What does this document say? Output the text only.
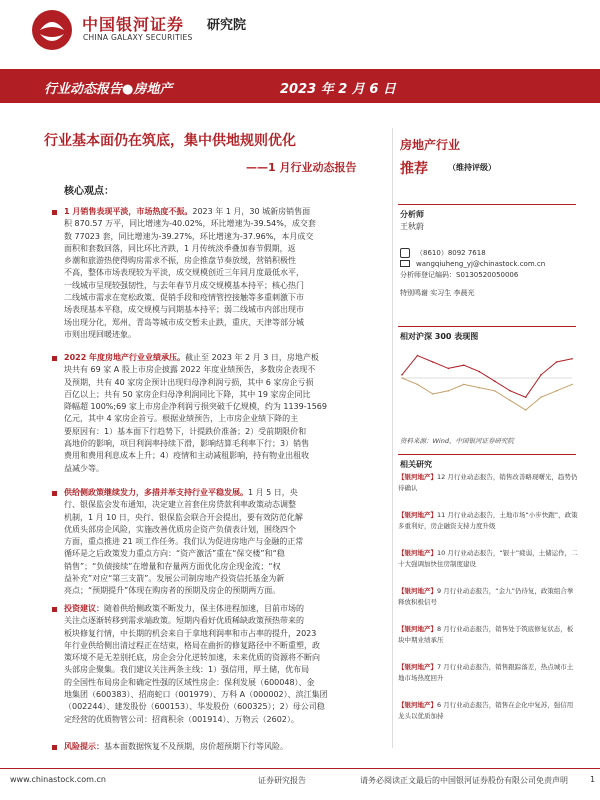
中国银河证券
CHINA GALAXY SECURITIES
研究院
行业动态报告●房地产	2023 年 2 月 6 日
行业基本面仍在筑底，集中供地规则优化
——1 月行业动态报告
核心观点：
1 月销售表现平淡，市场热度不振。2023 年 1 月，30 城新房销售面
积 870.57 万平，同比增速为-40.02%，环比增速为-39.54%，成交套
数 77023 套，同比增速为-39.27%，环比增速为-37.96%，本月成交
面积和套数回落，同比环比齐跌，1 月传统淡季叠加春节假期，返
乡潮和旅游热使得购房需求不振，房企推盘节奏放缓，营销积极性
不高，整体市场表现较为平淡，成交规模创近三年同月度最低水平，
一线城市呈现较强韧性，与去年春节月成交规模基本持平；核心热门
二线城市需求在宽松政策、促销手段和疫情管控接触等多重刺激下市
场表现基本平稳，成交规模与同期基本持平；弱二线城市内部出现市
场出现分化，郑州、青岛等城市成交暂未止跌，重庆、天津等部分城
市则出现回暖迹象。
2022 年度房地产行业业绩承压。截止至 2023 年 2 月 3 日，房地产板
块共有 69 家 A 股上市房企披露 2022 年度业绩预告，多数房企表现不
及预期，共有 40 家房企预计出现归母净利润亏损，其中 6 家房企亏损
百亿以上；共有 50 家房企归母净利润同比下降，其中 19 家房企同比
降幅超 100%;69 家上市房企净利润亏损突破千亿规模，约为 1139-1569
亿元，其中 4 家房企首亏。根据业绩预告，上市房企业绩下降的主
要原因有：1）基本面下行趋势下，计提跌价准备；2）受前期限价和
高地价的影响，项目利润率持续下滑，影响结算毛利率下行；3）销售
费用和费用利息成本上升；4）疫情和主动减租影响，持有物业出租收
益减少等。
供给侧政策继续发力，多措并举支持行业平稳发展。1 月 5 日，央
行、银保监会发布通知，决定建立首套住房贷款利率政策动态调整
机制，1 月 10 日，央行、银保监会联合开会提出，要有效防范化解
优质头部房企风险，实施改善优质房企资产负债表计划，围绕四个
方面，重点推进 21 项工作任务。我们认为促进房地产与金融的正常
循环是之后政策发力重点方向：“资产激活”重在“保交楼”和“稳
销售”；“负债接续”在增量和存量两方面优化房企现金流；“权
益补充”对应“第三支箭”。发展公司制房地产投资信托基金为新
亮点；“预期提升”体现在购房者的预期及房企的预期两方面。
投资建议：随着供给侧政策不断发力，保主体进程加速，目前市场的
关注点逐渐转移到需求端政策。短期内看好优质稀缺政策预热带来的
板块修复行情，中长期的机会来自于拿地利润率和市占率的提升，2023
年行业供给侧出清过程正在结束，格局在曲折的修复路径中不断重塑，政
策环境不是无差别托底，房企会分化逆转加速，未来优质的资源将不断向
头部房企聚集。我们建议关注两条主线：1）强信用，厚土储，优布局
的全国性布局房企和确定性强的区域性房企：保利发展（600048）、金
地集团（600383）、招商蛇口（001979）、万科 A（000002）、滨江集团
（002244）、建发股份（600153）、华发股份（600325）；2）母公司稳
定经营的优质物管公司：招商积余（001914）、万物云（2602）。
风险提示：基本面数据恢复不及预期，房价超预期下行等风险。
房地产行业
推荐	（维持评级）
分析师
王秋蔚
（8610）8092 7618
wangqiuheng_yj@chinastock.com.cn
分析师登记编码：S0130520050006
特别鸣谢 实习生 李晨光
相对沪深 300 表现图
资料来源：Wind，中国银河证券研究院
相关研究
【银河地产】12 月行业动态报告，销售改善略现曙光，趋势仍待确认
【银河地产】11 月行业动态报告，土地市场“小步快跑”，政策多重利好，房企融资支持力度升级
【银河地产】10 月行业动态报告，“银十”疲弱，土储运作，二十大强调加快住房制度建设
【银河地产】9 月行业动态报告，“金九”仍待复，政策组合拳释放积极信号
【银河地产】8 月行业动态报告，销售处于筑底修复状态，板块中期业绩承压
【银河地产】7 月行业动态报告，销售跟踪落差，热点城市土地市场热度回升
【银河地产】6 月行业动态报告，销售在企化中复苏，强信用龙头以优质加持
www.chinastock.com.cn	证券研究报告	请务必阅读正文最后的中国银河证券股份有限公司免责声明	1
